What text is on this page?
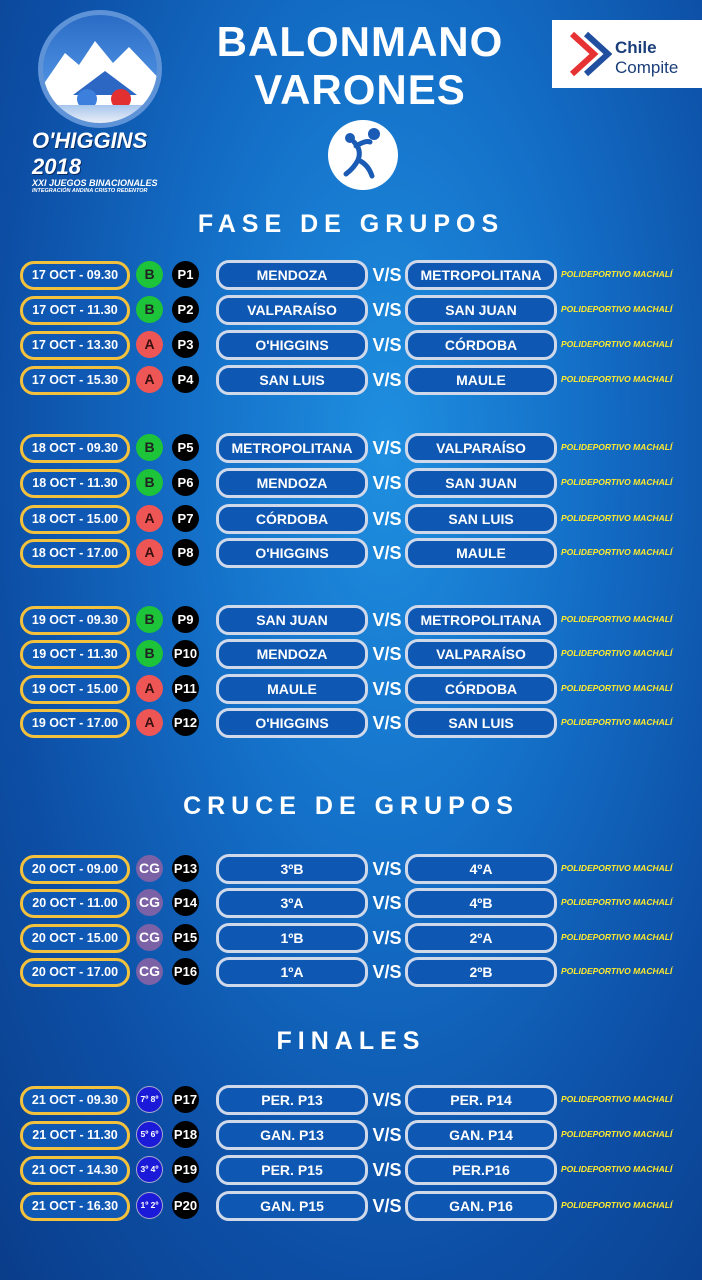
O'HIGGINS 2018
XXI JUEGOS BINACIONALES
INTEGRACIÓN ANDINA CRISTO REDENTOR
BALONMANO
VARONES
Chile
Compite
FASE DE GRUPOS
CRUCE DE GRUPOS
FINALES
17 OCT - 09.30	B	P1	MENDOZA	V/S	METROPOLITANA	POLIDEPORTIVO MACHALÍ
17 OCT - 11.30	B	P2	VALPARAÍSO	V/S	SAN JUAN	POLIDEPORTIVO MACHALÍ
17 OCT - 13.30	A	P3	O'HIGGINS	V/S	CÓRDOBA	POLIDEPORTIVO MACHALÍ
17 OCT - 15.30	A	P4	SAN LUIS	V/S	MAULE	POLIDEPORTIVO MACHALÍ
18 OCT - 09.30	B	P5	METROPOLITANA	V/S	VALPARAÍSO	POLIDEPORTIVO MACHALÍ
18 OCT - 11.30	B	P6	MENDOZA	V/S	SAN JUAN	POLIDEPORTIVO MACHALÍ
18 OCT - 15.00	A	P7	CÓRDOBA	V/S	SAN LUIS	POLIDEPORTIVO MACHALÍ
18 OCT - 17.00	A	P8	O'HIGGINS	V/S	MAULE	POLIDEPORTIVO MACHALÍ
19 OCT - 09.30	B	P9	SAN JUAN	V/S	METROPOLITANA	POLIDEPORTIVO MACHALÍ
19 OCT - 11.30	B	P10	MENDOZA	V/S	VALPARAÍSO	POLIDEPORTIVO MACHALÍ
19 OCT - 15.00	A	P11	MAULE	V/S	CÓRDOBA	POLIDEPORTIVO MACHALÍ
19 OCT - 17.00	A	P12	O'HIGGINS	V/S	SAN LUIS	POLIDEPORTIVO MACHALÍ
20 OCT - 09.00	CG P13	3ºB	V/S	4ºA	POLIDEPORTIVO MACHALÍ
20 OCT - 11.00	CG P14	3ºA	V/S	4ºB	POLIDEPORTIVO MACHALÍ
20 OCT - 15.00	CG P15	1ºB	V/S	2ºA	POLIDEPORTIVO MACHALÍ
20 OCT - 17.00	CG P16	1ºA	V/S	2ºB	POLIDEPORTIVO MACHALÍ
21 OCT - 09.30	7º 8º	P17	PER. P13	V/S	PER. P14	POLIDEPORTIVO MACHALÍ
21 OCT - 11.30	5º 6º	P18	GAN. P13	V/S	GAN. P14	POLIDEPORTIVO MACHALÍ
21 OCT - 14.30	3º 4º	P19	PER. P15	V/S	PER.P16	POLIDEPORTIVO MACHALÍ
21 OCT - 16.30	1º 2º	P20	GAN. P15	V/S	GAN. P16	POLIDEPORTIVO MACHALÍ
